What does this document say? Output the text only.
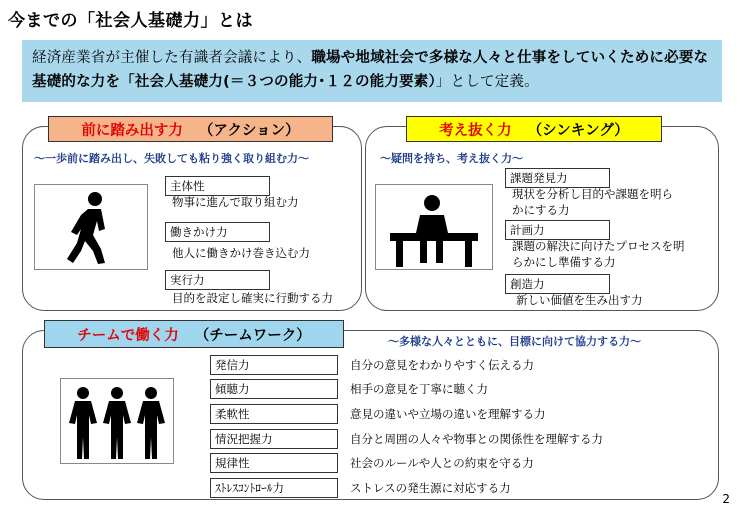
今までの「社会人基礎力」とは
経済産業省が主催した有識者会議により、職場や地域社会で多様な人々と仕事をしていくために必要な基礎的な力を「社会人基礎力(＝３つの能力･１２の能力要素）」として定義。
前に踏み出す力 （アクション）
～一歩前に踏み出し、失敗しても粘り強く取り組む力～
主体性
物事に進んで取り組む力
働きかけ力
他人に働きかけ巻き込む力
実行力
目的を設定し確実に行動する力
考え抜く力 （シンキング）
～疑問を持ち、考え抜く力～
課題発見力
現状を分析し目的や課題を明ら
かにする力
計画力
課題の解決に向けたプロセスを明
らかにし準備する力
創造力
新しい価値を生み出す力
チームで働く力 （チームワーク）	～多様な人々とともに、目標に向けて協力する力～
発信力	自分の意見をわかりやすく伝える力
傾聴力	相手の意見を丁寧に聴く力
柔軟性	意見の違いや立場の違いを理解する力
情況把握力	自分と周囲の人々や物事との関係性を理解する力
規律性	社会のルールや人との約束を守る力
ｽﾄﾚｽｺﾝﾄﾛｰﾙ力	ストレスの発生源に対応する力
2
